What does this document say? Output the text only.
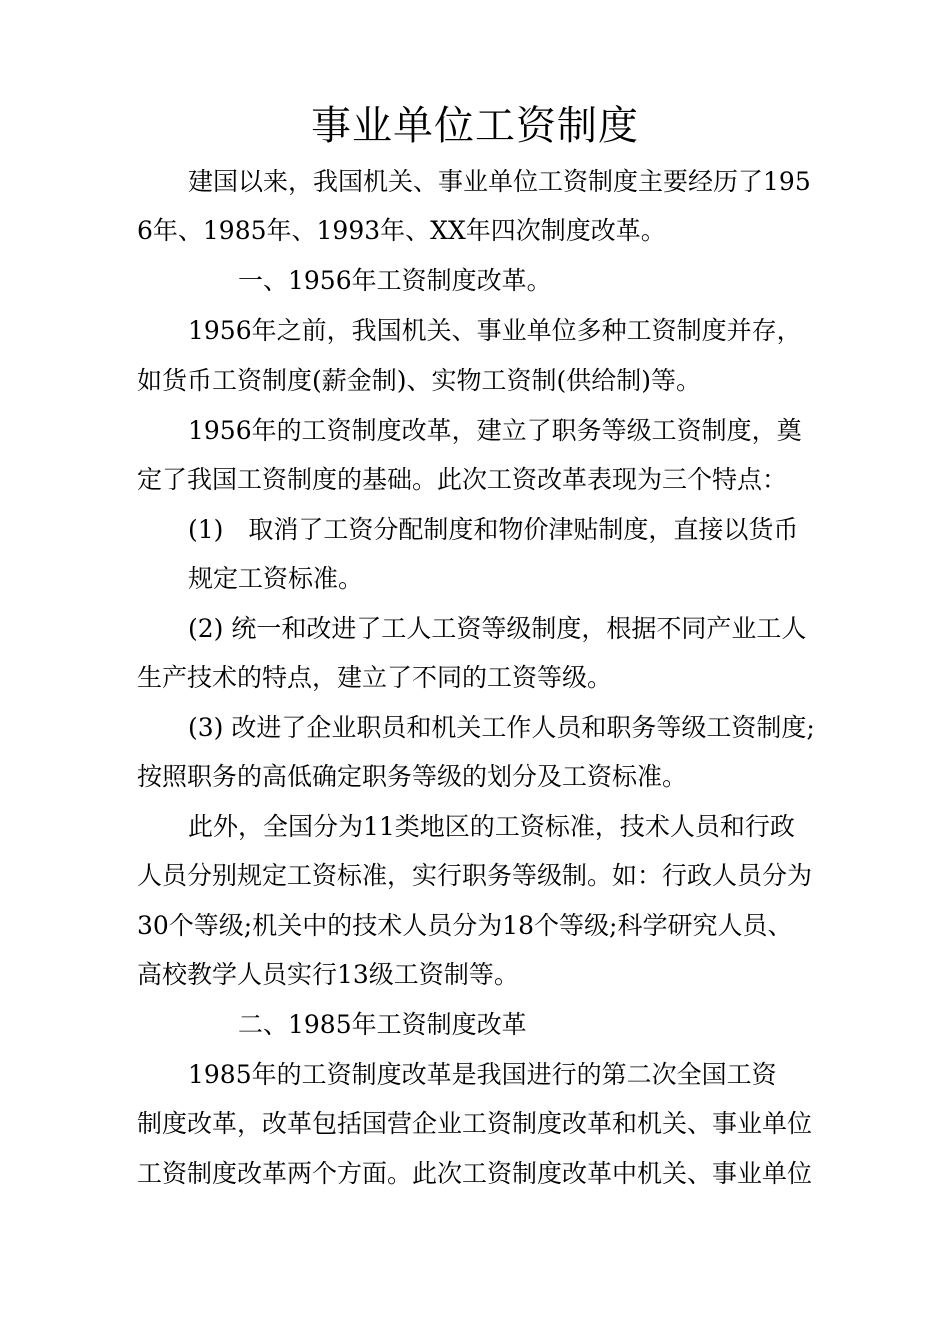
事业单位工资制度
建国以来，我国机关、事业单位工资制度主要经历了195
6年、1985年、1993年、XX年四次制度改革。
一、1956年工资制度改革。
1956年之前，我国机关、事业单位多种工资制度并存，
如货币工资制度(薪金制)、实物工资制(供给制)等。
1956年的工资制度改革，建立了职务等级工资制度，奠
定了我国工资制度的基础。此次工资改革表现为三个特点：
(1)　取消了工资分配制度和物价津贴制度，直接以货币
规定工资标准。
(2) 统一和改进了工人工资等级制度，根据不同产业工人
生产技术的特点，建立了不同的工资等级。
(3) 改进了企业职员和机关工作人员和职务等级工资制度;
按照职务的高低确定职务等级的划分及工资标准。
此外，全国分为11类地区的工资标准，技术人员和行政
人员分别规定工资标准，实行职务等级制。如：行政人员分为
30个等级;机关中的技术人员分为18个等级;科学研究人员、
高校教学人员实行13级工资制等。
二、1985年工资制度改革
1985年的工资制度改革是我国进行的第二次全国工资
制度改革，改革包括国营企业工资制度改革和机关、事业单位
工资制度改革两个方面。此次工资制度改革中机关、事业单位
